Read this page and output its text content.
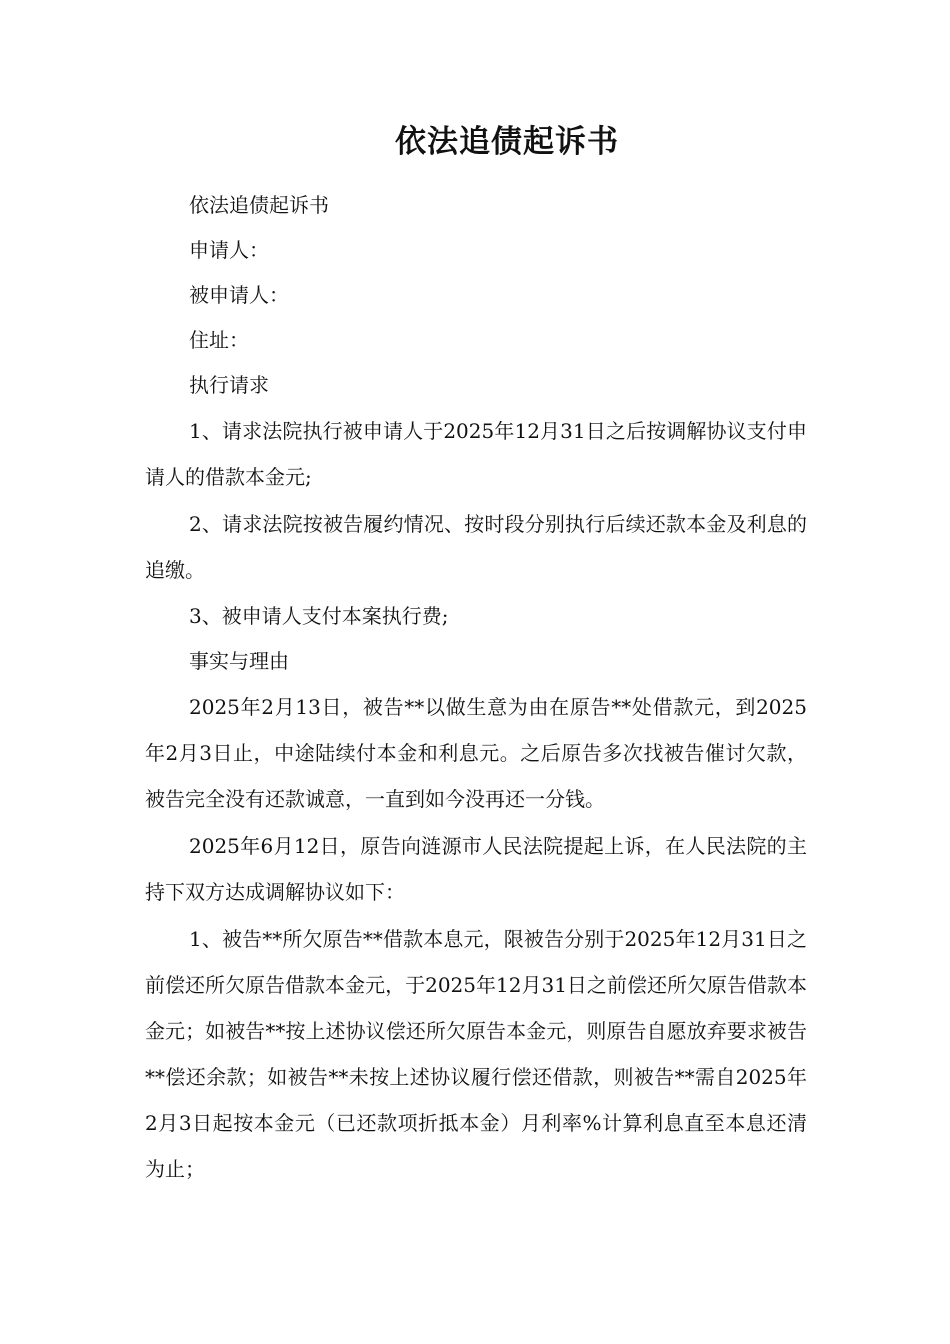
依法追债起诉书

依法追债起诉书

申请人：

被申请人：

住址：

执行请求

1、请求法院执行被申请人于2025年12月31日之后按调解协议支付申请人的借款本金元;

2、请求法院按被告履约情况、按时段分别执行后续还款本金及利息的追缴。

3、被申请人支付本案执行费;

事实与理由

2025年2月13日，被告**以做生意为由在原告**处借款元，到2025年2月3日止，中途陆续付本金和利息元。之后原告多次找被告催讨欠款，被告完全没有还款诚意，一直到如今没再还一分钱。

2025年6月12日，原告向涟源市人民法院提起上诉，在人民法院的主持下双方达成调解协议如下：

1、被告**所欠原告**借款本息元，限被告分别于2025年12月31日之前偿还所欠原告借款本金元，于2025年12月31日之前偿还所欠原告借款本金元；如被告**按上述协议偿还所欠原告本金元，则原告自愿放弃要求被告**偿还余款；如被告**未按上述协议履行偿还借款，则被告**需自2025年2月3日起按本金元（已还款项折抵本金）月利率%计算利息直至本息还清为止；
